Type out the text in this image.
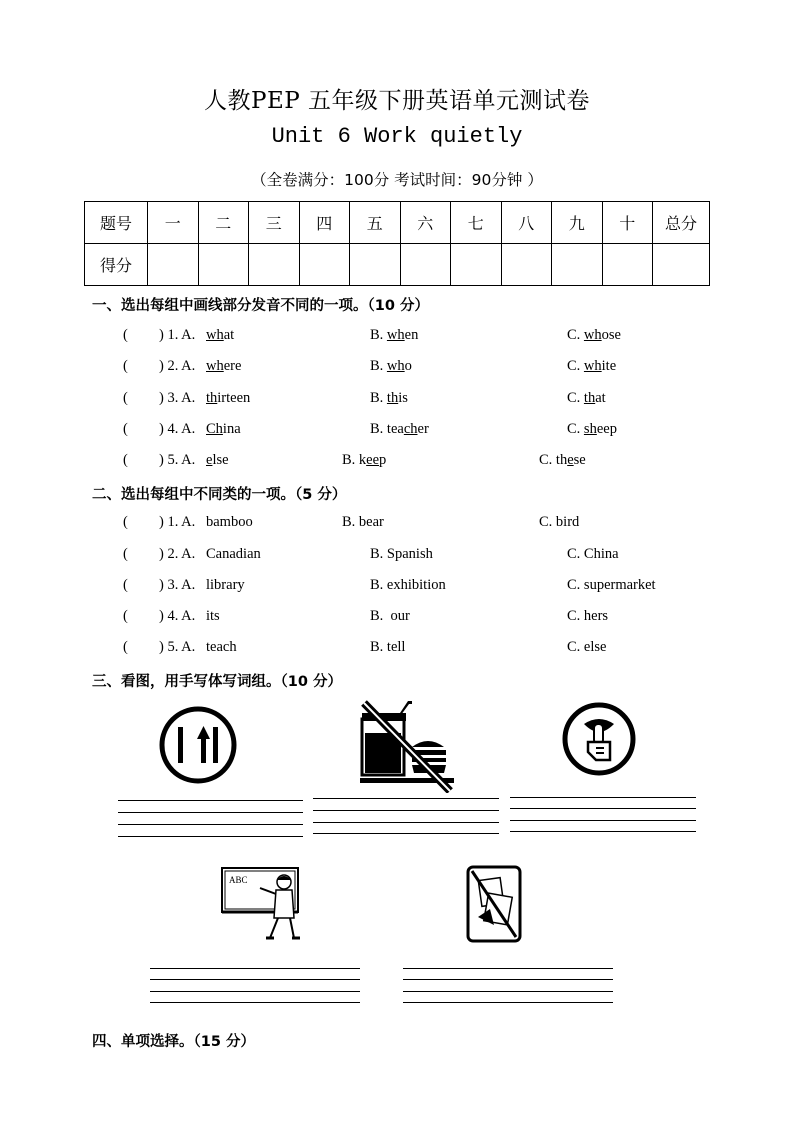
人教PEP 五年级下册英语单元测试卷
Unit 6 Work quietly
（全卷满分：100分 考试时间：90分钟 ）
题号	一	二	三	四	五	六	七	八	九	十	总分
得分											
一、选出每组中画线部分发音不同的一项。（10 分）
( ) 1. A. what	B. when	C. whose
( ) 2. A. where	B. who	C. white
( ) 3. A. thirteen	B. this	C. that
( ) 4. A. China	B. teacher	C. sheep
( ) 5. A. else	B. keep	C. these
二、选出每组中不同类的一项。（5 分）
( ) 1. A. bamboo	B. bear	C. bird
( ) 2. A. Canadian	B. Spanish	C. China
( ) 3. A. library	B. exhibition	C. supermarket
( ) 4. A. its	B.  our	C. hers
( ) 5. A. teach	B. tell	C. else
三、看图，用手写体写词组。（10 分）
ABC
四、单项选择。（15 分）
